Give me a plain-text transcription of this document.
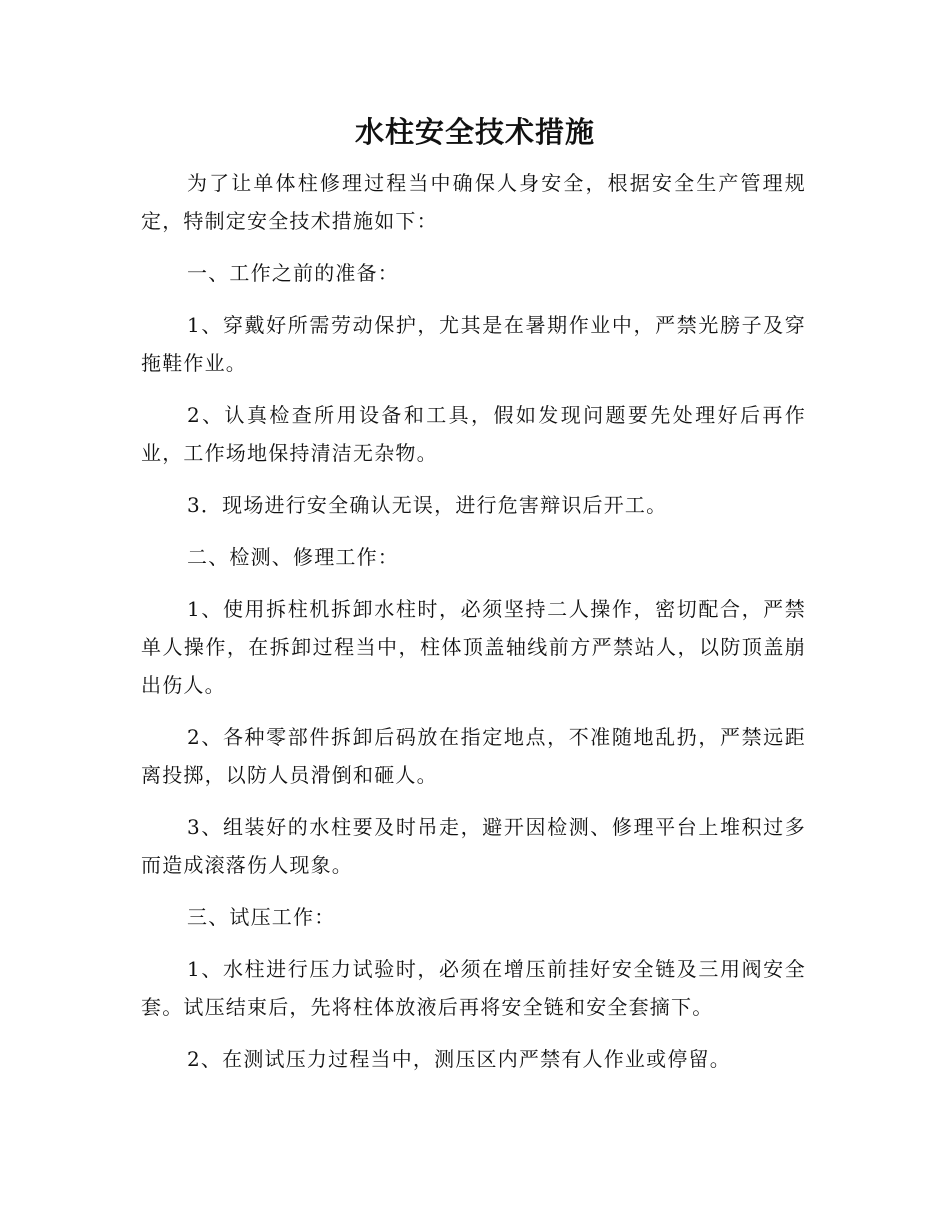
水柱安全技术措施

为了让单体柱修理过程当中确保人身安全，根据安全生产管理规定，特制定安全技术措施如下：

一、工作之前的准备：

1、穿戴好所需劳动保护，尤其是在暑期作业中，严禁光膀子及穿拖鞋作业。

2、认真检查所用设备和工具，假如发现问题要先处理好后再作业，工作场地保持清洁无杂物。

3．现场进行安全确认无误，进行危害辩识后开工。

二、检测、修理工作：

1、使用拆柱机拆卸水柱时，必须坚持二人操作，密切配合，严禁单人操作，在拆卸过程当中，柱体顶盖轴线前方严禁站人，以防顶盖崩出伤人。

2、各种零部件拆卸后码放在指定地点，不准随地乱扔，严禁远距离投掷，以防人员滑倒和砸人。

3、组装好的水柱要及时吊走，避开因检测、修理平台上堆积过多而造成滚落伤人现象。

三、试压工作：

1、水柱进行压力试验时，必须在增压前挂好安全链及三用阀安全套。试压结束后，先将柱体放液后再将安全链和安全套摘下。

2、在测试压力过程当中，测压区内严禁有人作业或停留。
